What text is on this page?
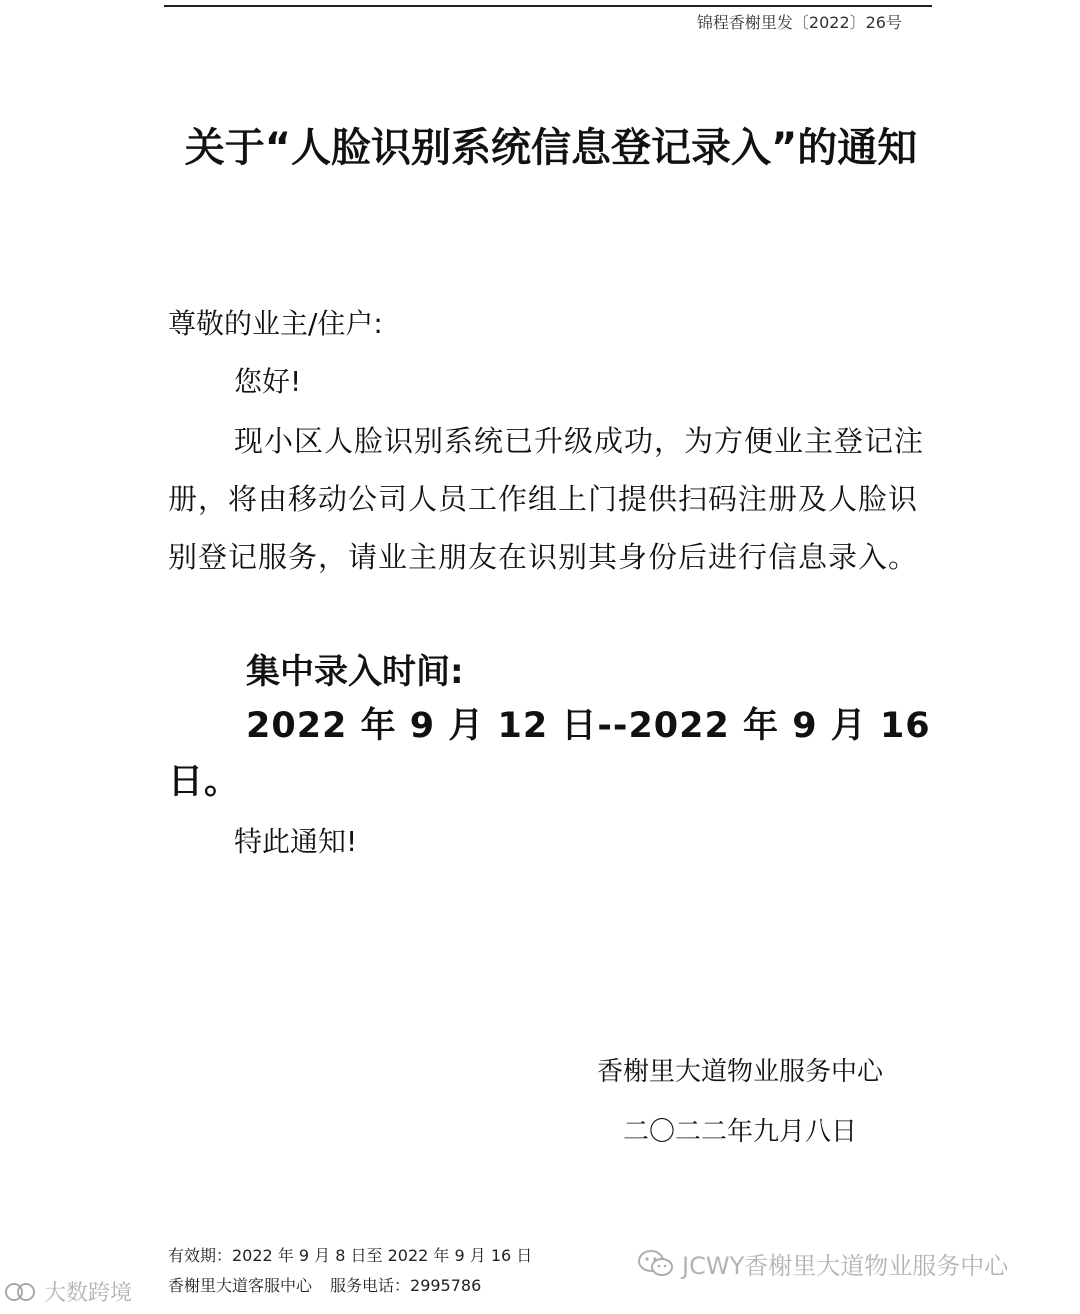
锦程香榭里发〔2022〕26号
关于“人脸识别系统信息登记录入”的通知
尊敬的业主/住户:
您好!
现小区人脸识别系统已升级成功，为方便业主登记注册，将由移动公司人员工作组上门提供扫码注册及人脸识别登记服务，请业主朋友在识别其身份后进行信息录入。
集中录入时间:
2022 年 9 月 12 日--2022 年 9 月 16 日。
特此通知!
香榭里大道物业服务中心
二〇二二年九月八日
有效期：2022 年 9 月 8 日至 2022 年 9 月 16 日
香榭里大道客服中心 服务电话：2995786
大数跨境
JCWY香榭里大道物业服务中心
